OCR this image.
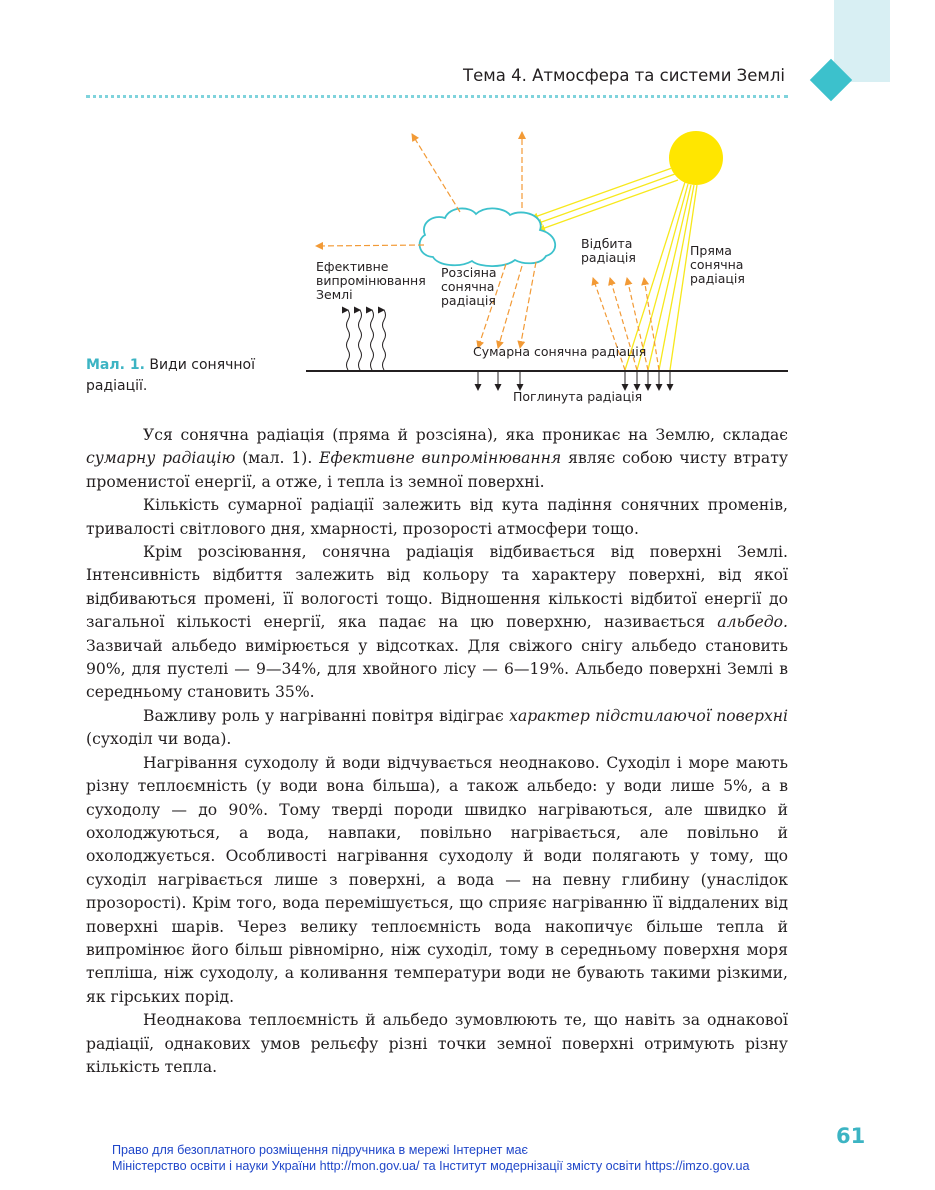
Тема 4. Атмосфера та системи Землі
Ефективне
випромінювання
Землі
Розсіяна
сонячна
радіація
Відбита
радіація	Пряма
сонячна
радіація
Сумарна сонячна радіація
Поглинута радіація
Мал. 1. Види сонячної радіації.

Уся сонячна радіація (пряма й розсіяна), яка проникає на Землю, складає сумарну радіацію (мал. 1). Ефективне випромінювання являє собою чисту втрату променистої енергії, а отже, і тепла із земної поверхні.

Кількість сумарної радіації залежить від кута падіння сонячних променів, тривалості світлового дня, хмарності, прозорості атмосфери тощо.

Крім розсіювання, сонячна радіація відбивається від поверхні Землі. Інтенсивність відбиття залежить від кольору та характеру поверхні, від якої відбиваються промені, її вологості тощо. Відношення кількості відбитої енергії до загальної кількості енергії, яка падає на цю поверхню, називається альбедо. Зазвичай альбедо вимірюється у відсотках. Для свіжого снігу альбедо становить 90%, для пустелі — 9—34%, для хвойного лісу — 6—19%. Альбедо поверхні Землі в середньому становить 35%.

Важливу роль у нагріванні повітря відіграє характер підстилаючої поверхні (суходіл чи вода).

Нагрівання суходолу й води відчувається неоднаково. Суходіл і море мають різну теплоємність (у води вона більша), а також альбедо: у води лише 5%, а в суходолу — до 90%. Тому тверді породи швидко нагріваються, але швидко й охолоджуються, а вода, навпаки, повільно нагрівається, але повільно й охолоджується. Особливості нагрівання суходолу й води полягають у тому, що суходіл нагрівається лише з поверхні, а вода — на певну глибину (унаслідок прозорості). Крім того, вода перемішується, що сприяє нагріванню її віддалених від поверхні шарів. Через велику теплоємність вода накопичує більше тепла й випромінює його більш рівномірно, ніж суходіл, тому в середньому поверхня моря тепліша, ніж суходолу, а коливання температури води не бувають такими різкими, як гірських порід.

Неоднакова теплоємність й альбедо зумовлюють те, що навіть за однакової радіації, однакових умов рельєфу різні точки земної поверхні отримують різну кількість тепла.

61
Право для безоплатного розміщення підручника в мережі Інтернет має
Міністерство освіти і науки України http://mon.gov.ua/ та Інститут модернізації змісту освіти https://imzo.gov.ua
